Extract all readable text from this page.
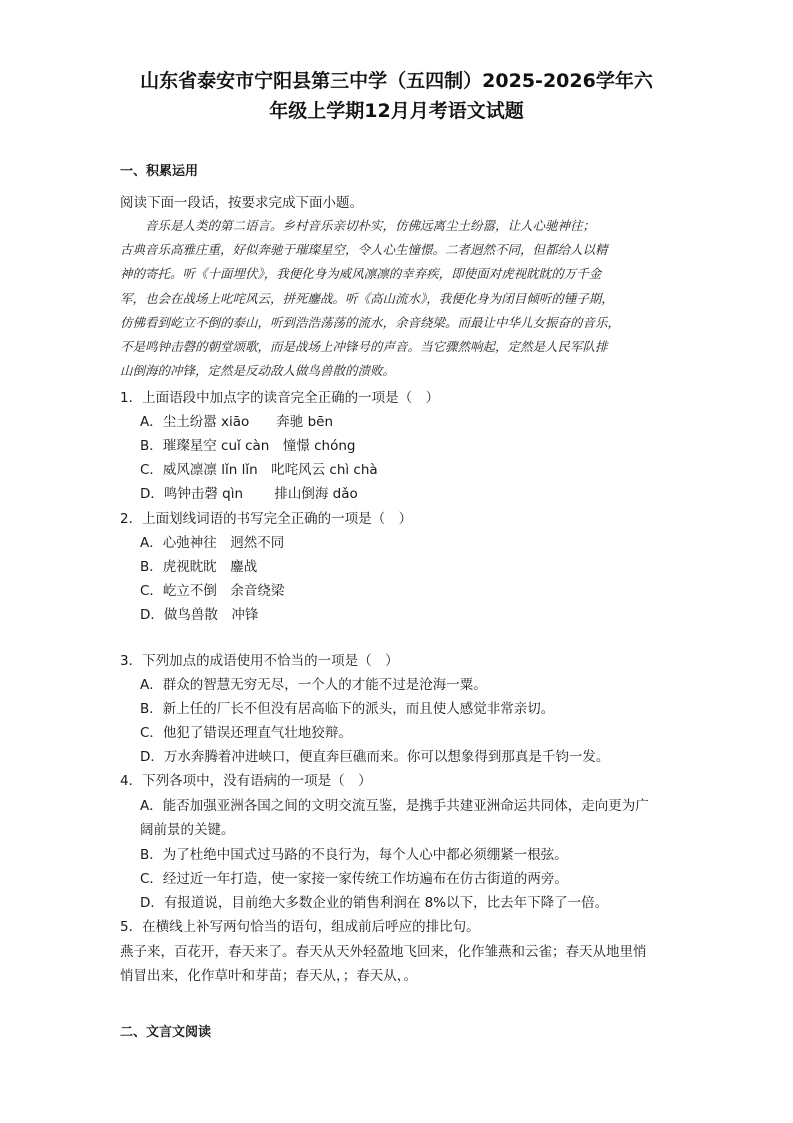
山东省泰安市宁阳县第三中学（五四制）2025-2026学年六
年级上学期12月月考语文试题
一、积累运用
阅读下面一段话，按要求完成下面小题。
　　音乐是人类的第二语言。乡村音乐亲切朴实，仿佛远离尘土纷嚣，让人心驰神往；
古典音乐高雅庄重，好似奔驰于璀璨星空，令人心生憧憬。二者迥然不同，但都给人以精
神的寄托。听《十面埋伏》，我便化身为威风凛凛的幸弃疾，即使面对虎视眈眈的万千金
军，也会在战场上叱咤风云，拼死鏖战。听《高山流水》，我便化身为闭目倾听的锺子期，
仿佛看到屹立不倒的泰山，听到浩浩荡荡的流水，余音绕梁。而最让中华儿女振奋的音乐，
不是鸣钟击磬的朝堂颂歌，而是战场上冲锋号的声音。当它骤然响起，定然是人民军队排
山倒海的冲锋，定然是反动敌人做鸟兽散的溃败。
1．上面语段中加点字的读音完全正确的一项是（　）
A．尘土纷嚣 xiāo　　奔驰 bēn
B．璀璨星空 cuǐ càn　憧憬 chóng
C．威风凛凛 lǐn lǐn　叱咤风云 chì chà
D．鸣钟击磬 qìn　　 排山倒海 dǎo
2．上面划线词语的书写完全正确的一项是（　）
A．心弛神往　迥然不同
B．虎视眈眈　鏖战
C．屹立不倒　余音绕梁
D．做鸟兽散　冲锋
3．下列加点的成语使用不恰当的一项是（　）
A．群众的智慧无穷无尽，一个人的才能不过是沧海一粟。
B．新上任的厂长不但没有居高临下的派头，而且使人感觉非常亲切。
C．他犯了错误还理直气壮地狡辩。
D．万水奔腾着冲进峡口，便直奔巨礁而来。你可以想象得到那真是千钧一发。
4．下列各项中，没有语病的一项是（　）
A．能否加强亚洲各国之间的文明交流互鉴，是携手共建亚洲命运共同体，走向更为广
阔前景的关键。
B．为了杜绝中国式过马路的不良行为，每个人心中都必须绷紧一根弦。
C．经过近一年打造，使一家接一家传统工作坊遍布在仿古街道的两旁。
D．有报道说，目前绝大多数企业的销售利润在 8%以下，比去年下降了一倍。
5．在横线上补写两句恰当的语句，组成前后呼应的排比句。
燕子来，百花开，春天来了。春天从天外轻盈地飞回来，化作雏燕和云雀；春天从地里悄
悄冒出来，化作草叶和芽苗；春天从，；春天从，。
二、文言文阅读
